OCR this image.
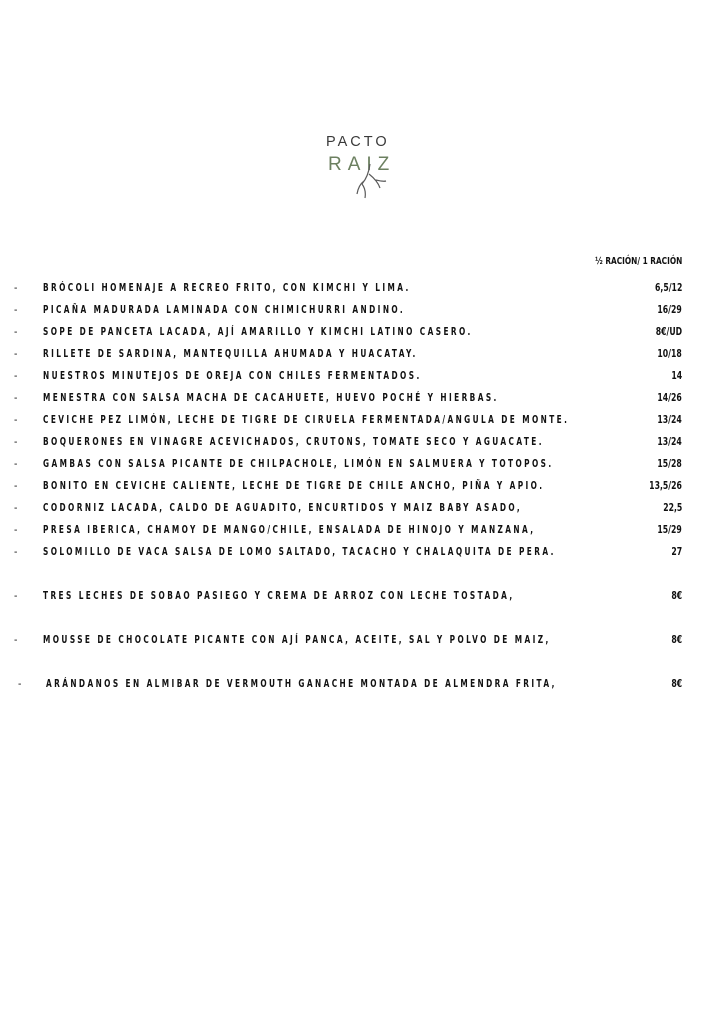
PACTO
RAIZ
½ RACIÓN/ 1 RACIÓN
- BRÓCOLI HOMENAJE A RECREO FRITO, CON KIMCHI Y LIMA.	6,5/12
- PICAÑA MADURADA LAMINADA CON CHIMICHURRI ANDINO.	16/29
- SOPE DE PANCETA LACADA, AJÍ AMARILLO Y KIMCHI LATINO CASERO.	8€/UD
- RILLETE DE SARDINA, MANTEQUILLA AHUMADA Y HUACATAY.	10/18
- NUESTROS MINUTEJOS DE OREJA CON CHILES FERMENTADOS.	14
- MENESTRA CON SALSA MACHA DE CACAHUETE, HUEVO POCHÉ Y HIERBAS.	14/26
- CEVICHE PEZ LIMÓN, LECHE DE TIGRE DE CIRUELA FERMENTADA/ANGULA DE MONTE.	13/24
- BOQUERONES EN VINAGRE ACEVICHADOS, CRUTONS, TOMATE SECO Y AGUACATE.	13/24
- GAMBAS CON SALSA PICANTE DE CHILPACHOLE, LIMÓN EN SALMUERA Y TOTOPOS.	15/28
- BONITO EN CEVICHE CALIENTE, LECHE DE TIGRE DE CHILE ANCHO, PIÑA Y APIO.	13,5/26
- CODORNIZ LACADA, CALDO DE AGUADITO, ENCURTIDOS Y MAIZ BABY ASADO,	22,5
- PRESA IBERICA, CHAMOY DE MANGO/CHILE, ENSALADA DE HINOJO Y MANZANA,	15/29
- SOLOMILLO DE VACA SALSA DE LOMO SALTADO, TACACHO Y CHALAQUITA DE PERA.	27
- TRES LECHES DE SOBAO PASIEGO Y CREMA DE ARROZ CON LECHE TOSTADA,	8€
- MOUSSE DE CHOCOLATE PICANTE CON AJÍ PANCA, ACEITE, SAL Y POLVO DE MAIZ,	8€
- ARÁNDANOS EN ALMIBAR DE VERMOUTH GANACHE MONTADA DE ALMENDRA FRITA,	8€
